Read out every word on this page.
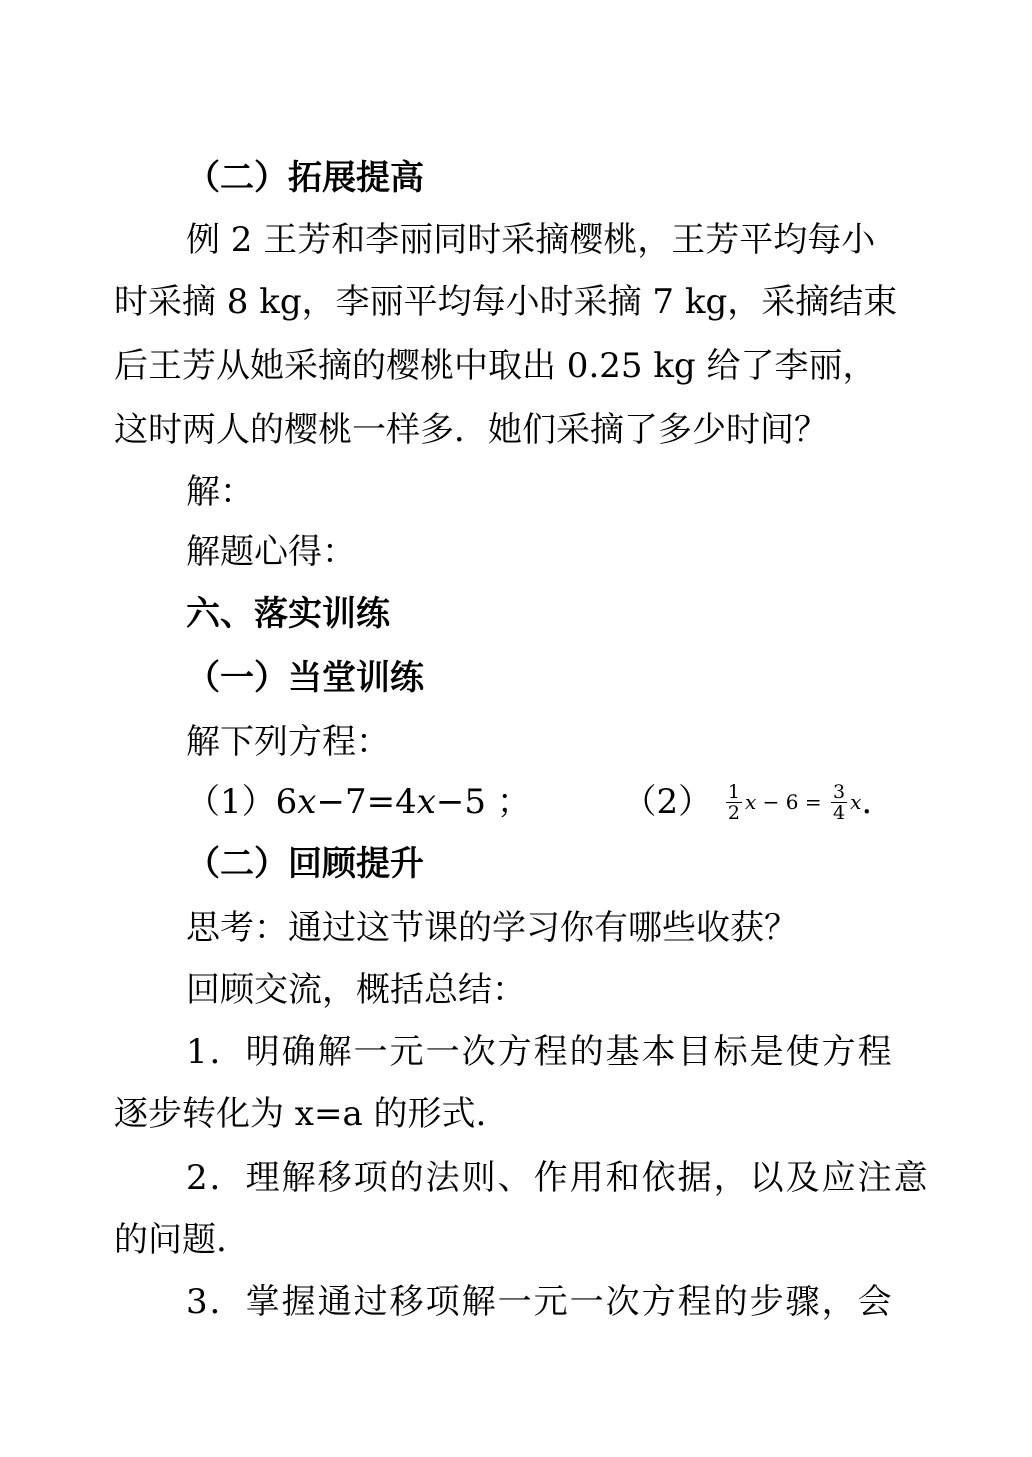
（二）拓展提高
例 2 王芳和李丽同时采摘樱桃，王芳平均每小
时采摘 8 kg，李丽平均每小时采摘 7 kg，采摘结束
后王芳从她采摘的樱桃中取出 0.25 kg 给了李丽，
这时两人的樱桃一样多．她们采摘了多少时间？
解：
解题心得：
六、落实训练
（一）当堂训练
解下列方程：
（1）6x−7=4x−5 ；	$(2) \frac{1}{2}$ $x - 6 = \frac{3}{4} x$.
（二）回顾提升
思考：通过这节课的学习你有哪些收获？
回顾交流，概括总结：
1．明确解一元一次方程的基本目标是使方程
逐步转化为 x=a 的形式.
2．理解移项的法则、作用和依据，以及应注意
的问题.
3．掌握通过移项解一元一次方程的步骤，会
